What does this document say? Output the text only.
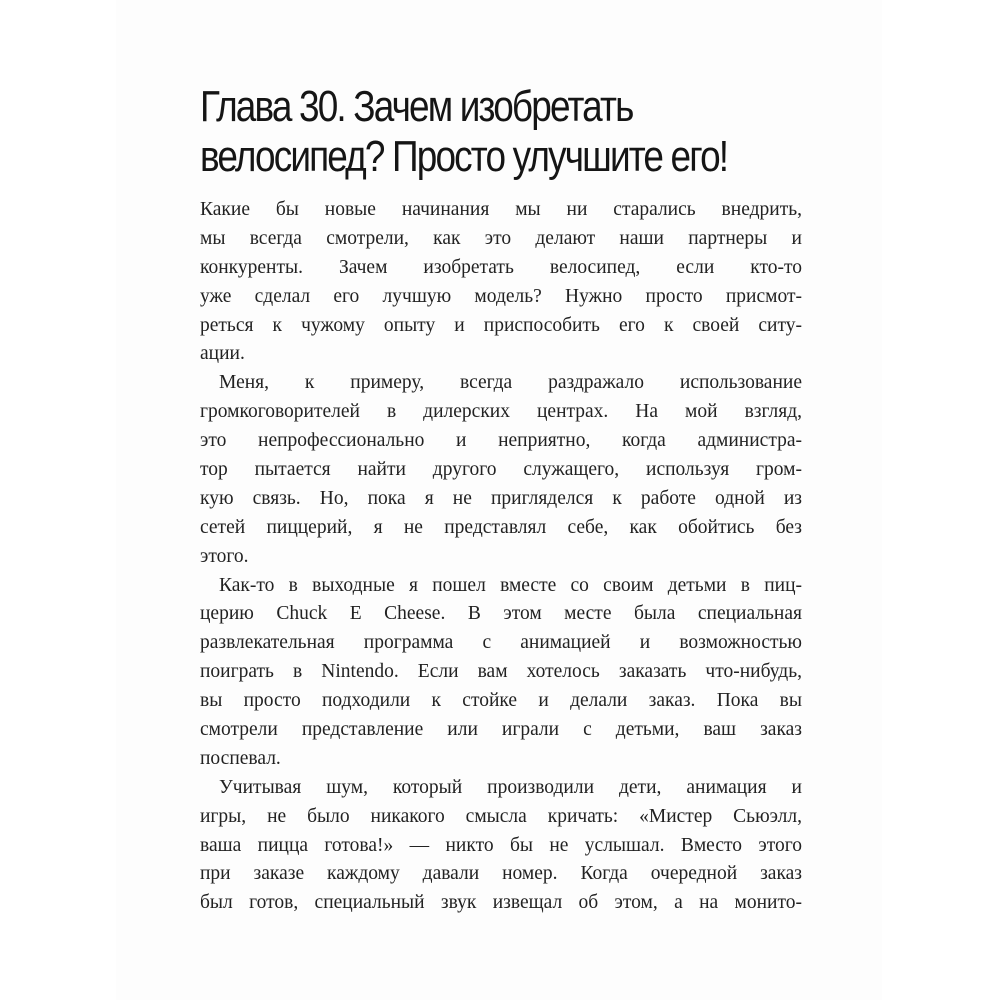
Глава 30. Зачем изобретать
велосипед? Просто улучшите его!
Какие бы новые начинания мы ни старались внедрить,
мы всегда смотрели, как это делают наши партнеры и
конкуренты. Зачем изобретать велосипед, если кто-то
уже сделал его лучшую модель? Нужно просто присмот-
реться к чужому опыту и приспособить его к своей ситу-
ации.
Меня, к примеру, всегда раздражало использование
громкоговорителей в дилерских центрах. На мой взгляд,
это непрофессионально и неприятно, когда администра-
тор пытается найти другого служащего, используя гром-
кую связь. Но, пока я не пригляделся к работе одной из
сетей пиццерий, я не представлял себе, как обойтись без
этого.
Как-то в выходные я пошел вместе со своим детьми в пиц-
церию Chuck E Cheese. В этом месте была специальная
развлекательная программа с анимацией и возможностью
поиграть в Nintendo. Если вам хотелось заказать что-нибудь,
вы просто подходили к стойке и делали заказ. Пока вы
смотрели представление или играли с детьми, ваш заказ
поспевал.
Учитывая шум, который производили дети, анимация и
игры, не было никакого смысла кричать: «Мистер Сьюэлл,
ваша пицца готова!» — никто бы не услышал. Вместо этого
при заказе каждому давали номер. Когда очередной заказ
был готов, специальный звук извещал об этом, а на монито-
